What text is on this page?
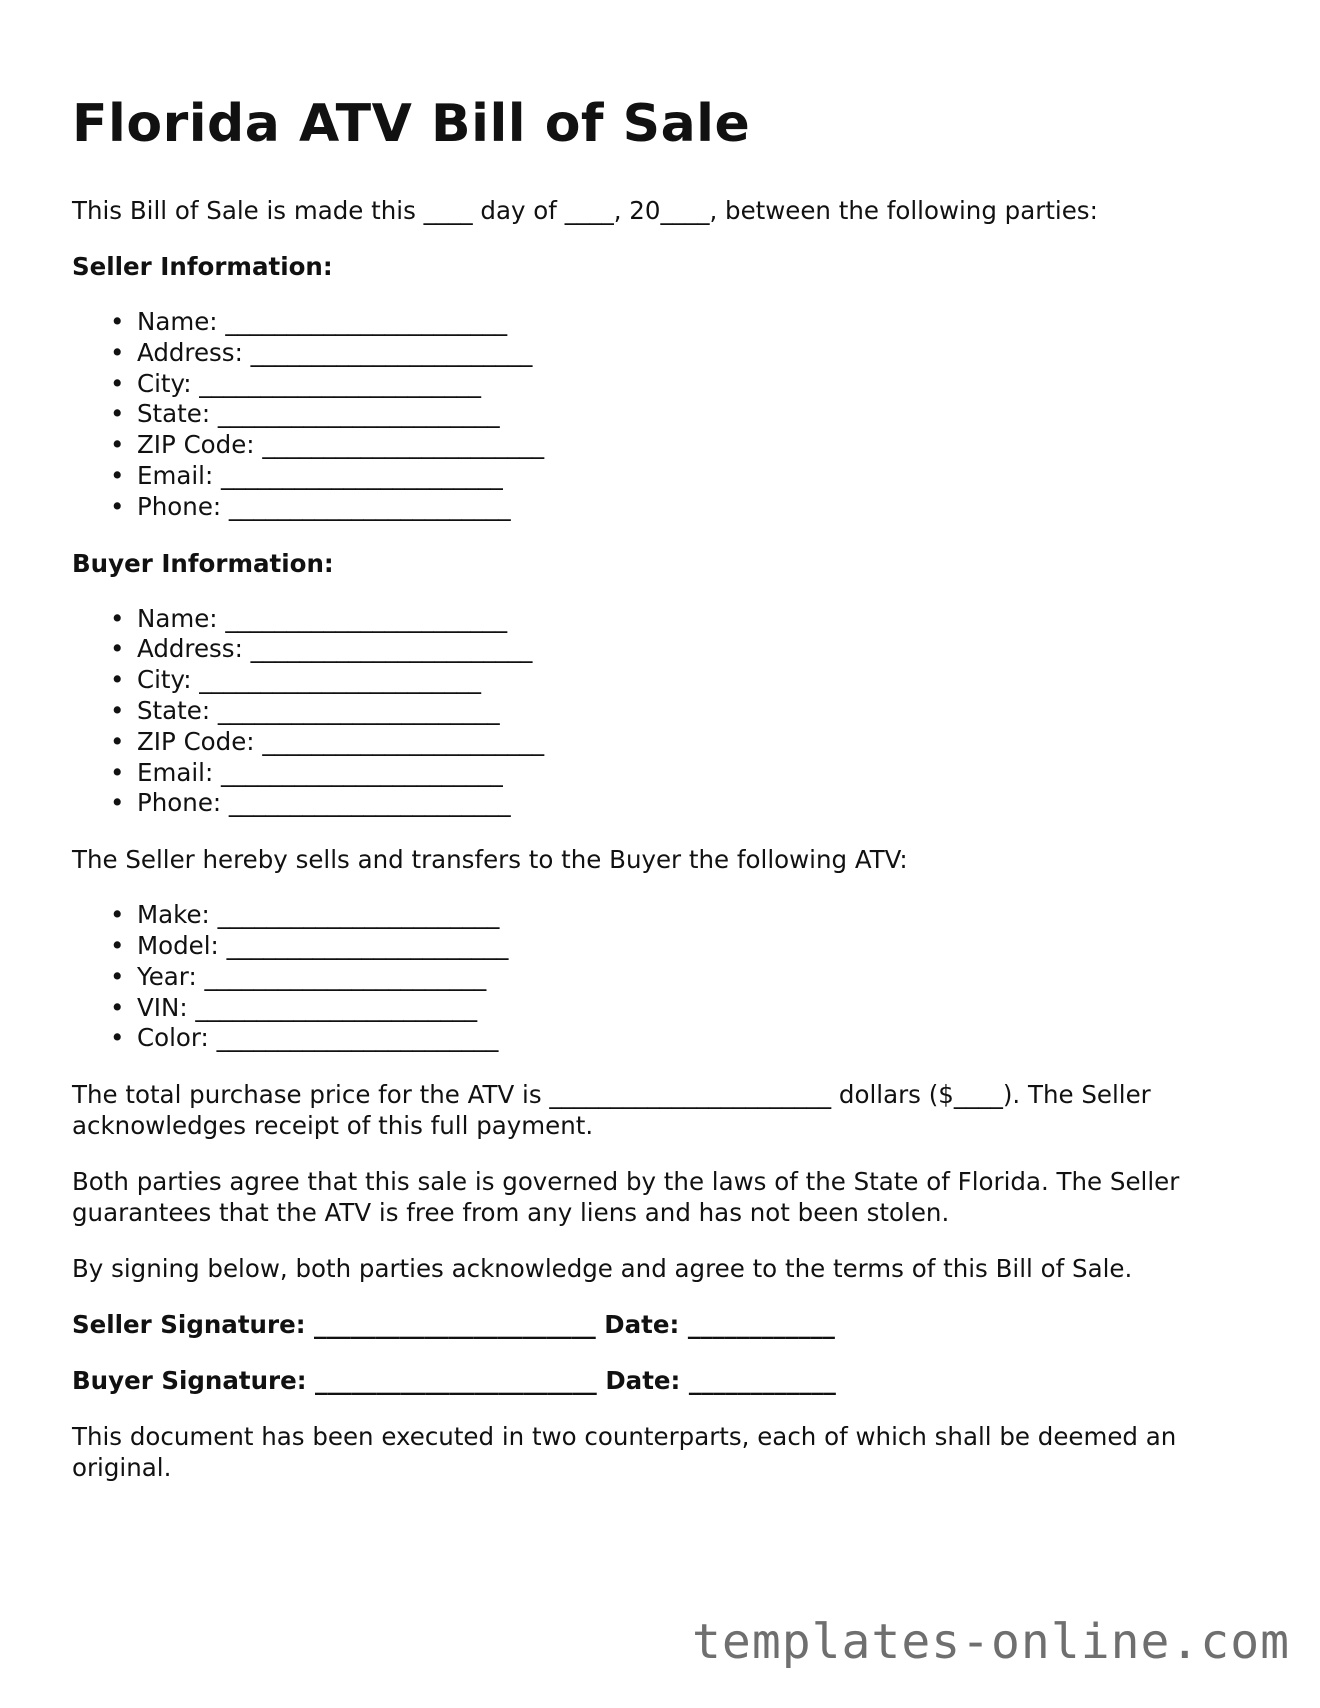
Florida ATV Bill of Sale

This Bill of Sale is made this ____ day of ____, 20____, between the following parties:

Seller Information:

• Name: _______________________
• Address: _______________________
• City: _______________________
• State: _______________________
• ZIP Code: _______________________
• Email: _______________________
• Phone: _______________________

Buyer Information:

• Name: _______________________
• Address: _______________________
• City: _______________________
• State: _______________________
• ZIP Code: _______________________
• Email: _______________________
• Phone: _______________________

The Seller hereby sells and transfers to the Buyer the following ATV:

• Make: _______________________
• Model: _______________________
• Year: _______________________
• VIN: _______________________
• Color: _______________________

The total purchase price for the ATV is _______________________ dollars ($____). The Seller acknowledges receipt of this full payment.

Both parties agree that this sale is governed by the laws of the State of Florida. The Seller guarantees that the ATV is free from any liens and has not been stolen.

By signing below, both parties acknowledge and agree to the terms of this Bill of Sale.

Seller Signature: _______________________ Date: ____________

Buyer Signature: _______________________ Date: ____________

This document has been executed in two counterparts, each of which shall be deemed an original.

templates-online.com
